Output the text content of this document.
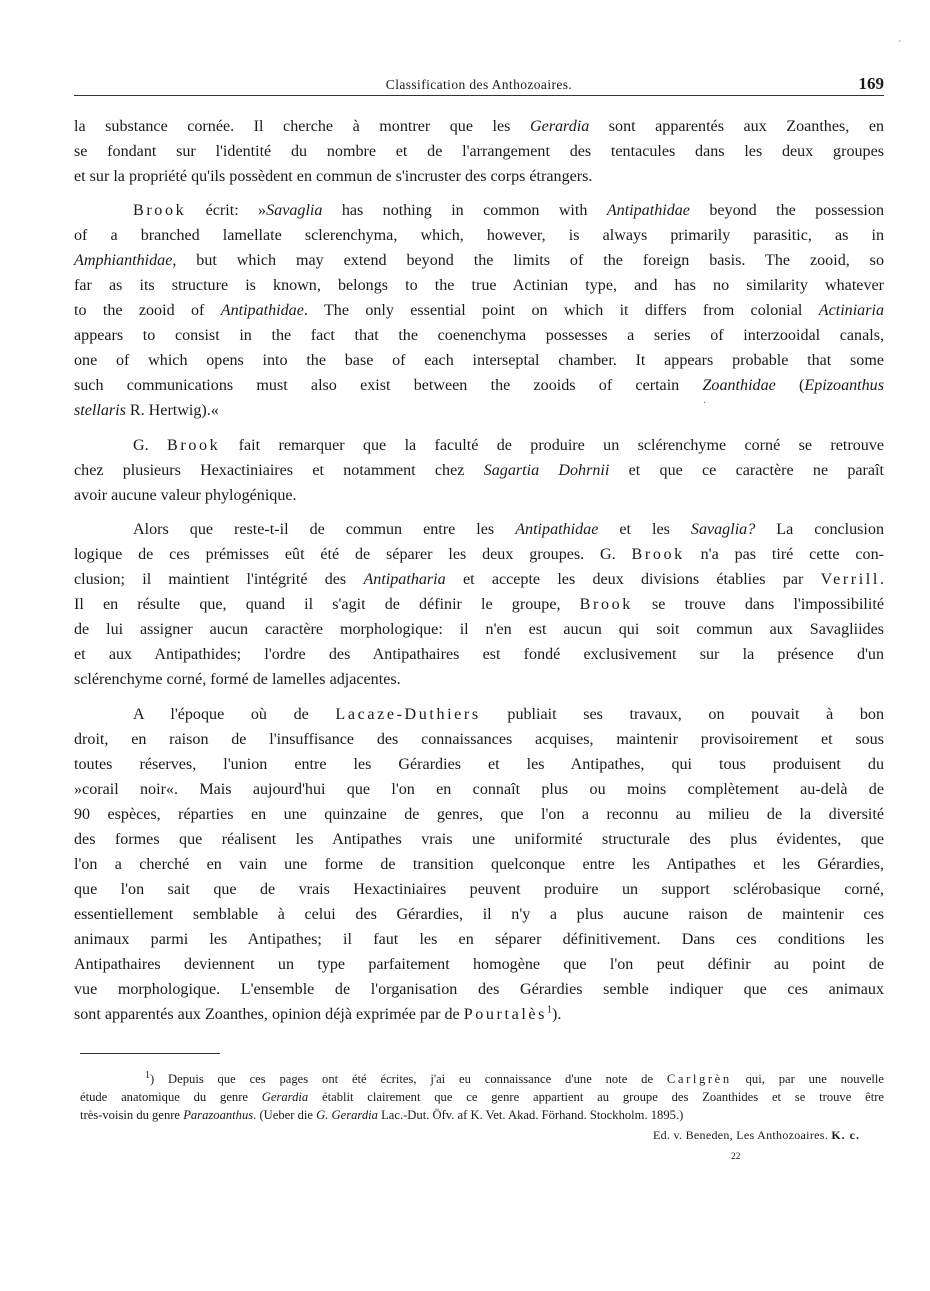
Classification des Anthozoaires.	169
´
·
la substance cornée. Il cherche à montrer que les Gerardia sont apparentés aux Zoanthes, en
se fondant sur l'identité du nombre et de l'arrangement des tentacules dans les deux groupes
et sur la propriété qu'ils possèdent en commun de s'incruster des corps étrangers.
Brook écrit: »Savaglia has nothing in common with Antipathidae beyond the possession
of a branched lamellate sclerenchyma, which, however, is always primarily parasitic, as in
Amphianthidae, but which may extend beyond the limits of the foreign basis. The zooid, so
far as its structure is known, belongs to the true Actinian type, and has no similarity whatever
to the zooid of Antipathidae. The only essential point on which it differs from colonial Actiniaria
appears to consist in the fact that the coenenchyma possesses a series of interzooidal canals,
one of which opens into the base of each interseptal chamber. It appears probable that some
such communications must also exist between the zooids of certain Zoanthidae (Epizoanthus
stellaris R. Hertwig).«
G. Brook fait remarquer que la faculté de produire un sclérenchyme corné se retrouve
chez plusieurs Hexactiniaires et notamment chez Sagartia Dohrnii et que ce caractère ne paraît
avoir aucune valeur phylogénique.
Alors que reste-t-il de commun entre les Antipathidae et les Savaglia? La conclusion
logique de ces prémisses eût été de séparer les deux groupes. G. Brook n'a pas tiré cette con-
clusion; il maintient l'intégrité des Antipatharia et accepte les deux divisions établies par Verrill.
Il en résulte que, quand il s'agit de définir le groupe, Brook se trouve dans l'impossibilité
de lui assigner aucun caractère morphologique: il n'en est aucun qui soit commun aux Savagliides
et aux Antipathides; l'ordre des Antipathaires est fondé exclusivement sur la présence d'un
sclérenchyme corné, formé de lamelles adjacentes.
A l'époque où de Lacaze-Duthiers publiait ses travaux, on pouvait à bon
droit, en raison de l'insuffisance des connaissances acquises, maintenir provisoirement et sous
toutes réserves, l'union entre les Gérardies et les Antipathes, qui tous produisent du
»corail noir«. Mais aujourd'hui que l'on en connaît plus ou moins complètement au-delà de
90 espèces, réparties en une quinzaine de genres, que l'on a reconnu au milieu de la diversité
des formes que réalisent les Antipathes vrais une uniformité structurale des plus évidentes, que
l'on a cherché en vain une forme de transition quelconque entre les Antipathes et les Gérardies,
que l'on sait que de vrais Hexactiniaires peuvent produire un support sclérobasique corné,
essentiellement semblable à celui des Gérardies, il n'y a plus aucune raison de maintenir ces
animaux parmi les Antipathes; il faut les en séparer définitivement. Dans ces conditions les
Antipathaires deviennent un type parfaitement homogène que l'on peut définir au point de
vue morphologique. L'ensemble de l'organisation des Gérardies semble indiquer que ces animaux
sont apparentés aux Zoanthes, opinion déjà exprimée par de Pourtalès$^1$).
$^1$) Depuis que ces pages ont été écrites, j'ai eu connaissance d'une note de Carlgrèn qui, par une nouvelle
étude anatomique du genre Gerardia établit clairement que ce genre appartient au groupe des Zoanthides et se trouve être
très-voisin du genre Parazoanthus. (Ueber die G. Gerardia Lac.-Dut. Öfv. af K. Vet. Akad. Förhand. Stockholm. 1895.)
Ed. v. Beneden, Les Anthozoaires. K. c.
22
